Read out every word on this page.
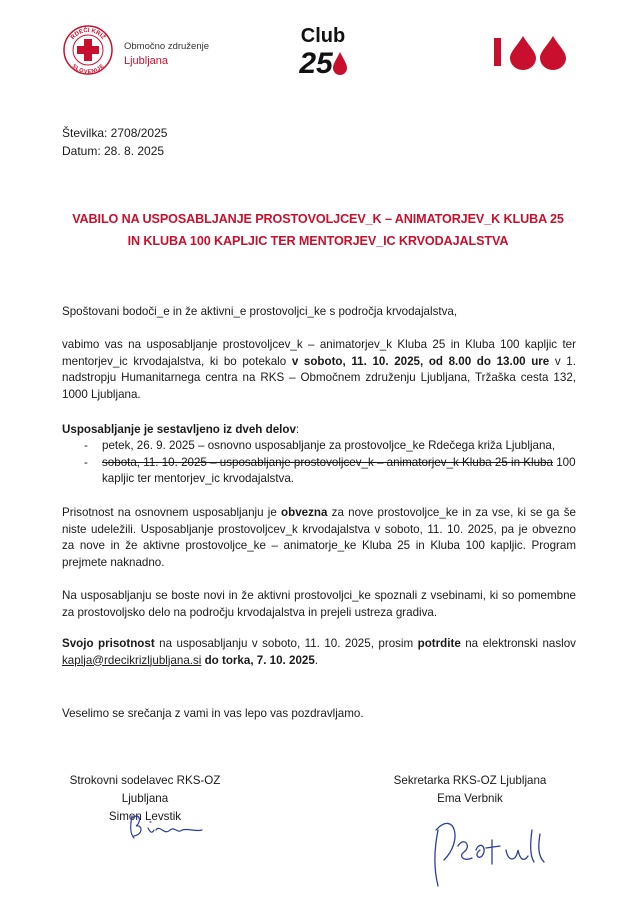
RDEČI KRIŽ
SLOVENIJE
Območno združenje
Ljubljana
Club
25
Številka: 2708/2025
Datum: 28. 8. 2025
VABILO NA USPOSABLJANJE PROSTOVOLJCEV_K – ANIMATORJEV_K KLUBA 25
IN KLUBA 100 KAPLJIC TER MENTORJEV_IC KRVODAJALSTVA

Spoštovani bodoči_e in že aktivni_e prostovoljci_ke s področja krvodajalstva,

vabimo vas na usposabljanje prostovoljcev_k – animatorjev_k Kluba 25 in Kluba 100 kapljic ter mentorjev_ic krvodajalstva, ki bo potekalo v soboto, 11. 10. 2025, od 8.00 do 13.00 ure v 1. nadstropju Humanitarnega centra na RKS – Območnem združenju Ljubljana, Tržaška cesta 132, 1000 Ljubljana.

Usposabljanje je sestavljeno iz dveh delov:

- petek, 26. 9. 2025 – osnovno usposabljanje za prostovoljce_ke Rdečega križa Ljubljana,
- sobota, 11. 10. 2025 – usposabljanje prostovoljcev_k – animatorjev_k Kluba 25 in Kluba 100 kapljic ter mentorjev_ic krvodajalstva.

Prisotnost na osnovnem usposabljanju je obvezna za nove prostovoljce_ke in za vse, ki se ga še niste udeležili. Usposabljanje prostovoljcev_k krvodajalstva v soboto, 11. 10. 2025, pa je obvezno za nove in že aktivne prostovoljce_ke – animatorje_ke Kluba 25 in Kluba 100 kapljic. Program prejmete naknadno.

Na usposabljanju se boste novi in že aktivni prostovoljci_ke spoznali z vsebinami, ki so pomembne za prostovoljsko delo na področju krvodajalstva in prejeli ustreza gradiva.

Svojo prisotnost na usposabljanju v soboto, 11. 10. 2025, prosim potrdite na elektronski naslov kaplja@rdecikrizljubljana.si do torka, 7. 10. 2025.

Veselimo se srečanja z vami in vas lepo vas pozdravljamo.

Strokovni sodelavec RKS-OZ Ljubljana
Simon Levstik
Sekretarka RKS-OZ Ljubljana
Ema Verbnik
